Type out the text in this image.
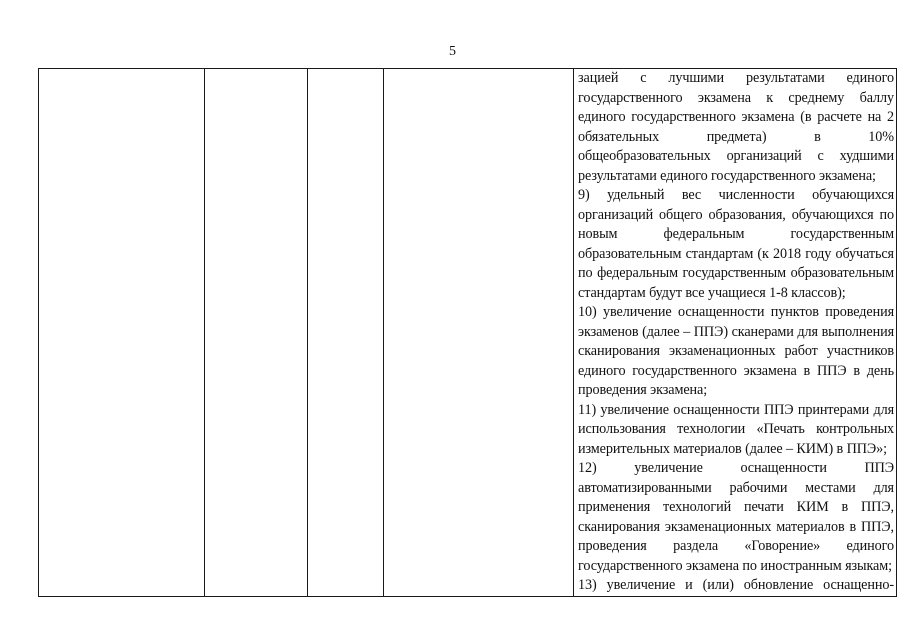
5

зацией с лучшими результатами единого государственного экзамена к среднему баллу единого государственного экзамена (в расчете на 2 обязательных предмета) в 10% общеобразовательных организаций с худшими результатами единого государственного экзамена;

9) удельный вес численности обучающихся организаций общего образования, обучающихся по новым федеральным государственным образовательным стандартам (к 2018 году обучаться по федеральным государственным образовательным стандартам будут все учащиеся 1-8 классов);

10) увеличение оснащенности пунктов проведения экзаменов (далее – ППЭ) сканерами для выполнения сканирования экзаменационных работ участников единого государственного экзамена в ППЭ в день проведения экзамена;

11) увеличение оснащенности ППЭ принтерами для использования технологии «Печать контрольных измерительных материалов (далее – КИМ) в ППЭ»;

12) увеличение оснащенности ППЭ автоматизированными рабочими местами для применения технологий печати КИМ в ППЭ, сканирования экзаменационных материалов в ППЭ, проведения раздела «Говорение» единого государственного экзамена по иностранным языкам;

13) увеличение и (или) обновление оснащенно-
